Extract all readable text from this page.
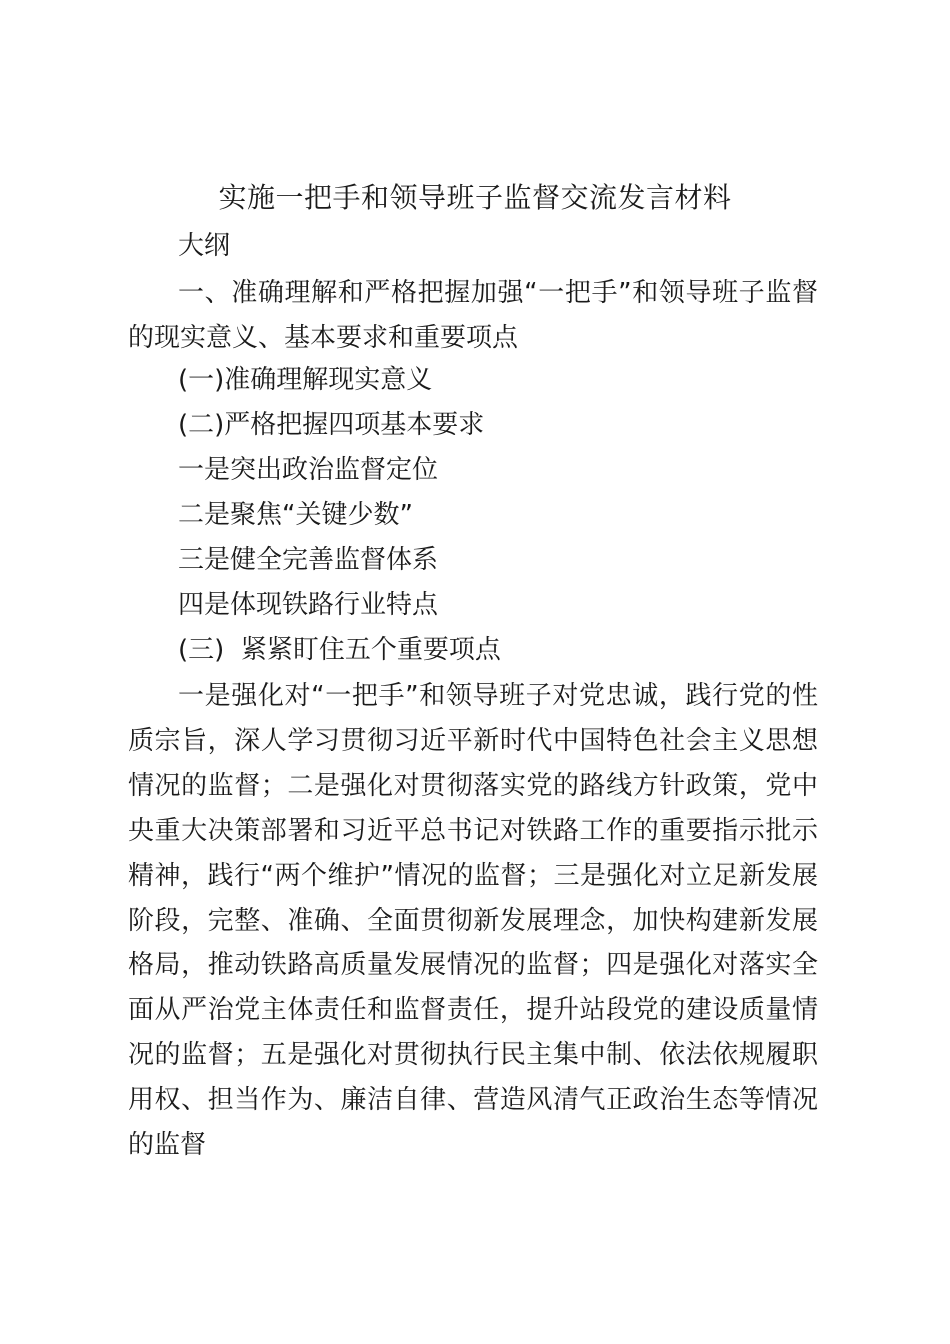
实施一把手和领导班子监督交流发言材料
大纲

一、准确理解和严格把握加强“一把手”和领导班子监督的现实意义、基本要求和重要项点

(一)准确理解现实意义
(二)严格把握四项基本要求
一是突出政治监督定位
二是聚焦“关键少数”
三是健全完善监督体系
四是体现铁路行业特点
(三)  紧紧盯住五个重要项点

一是强化对“一把手”和领导班子对党忠诚，践行党的性质宗旨，深人学习贯彻习近平新时代中国特色社会主义思想情况的监督；二是强化对贯彻落实党的路线方针政策，党中央重大决策部署和习近平总书记对铁路工作的重要指示批示精神，践行“两个维护”情况的监督；三是强化对立足新发展阶段，完整、准确、全面贯彻新发展理念，加快构建新发展格局，推动铁路高质量发展情况的监督；四是强化对落实全面从严治党主体责任和监督责任，提升站段党的建设质量情况的监督；五是强化对贯彻执行民主集中制、依法依规履职用权、担当作为、廉洁自律、营造风清气正政治生态等情况的监督
